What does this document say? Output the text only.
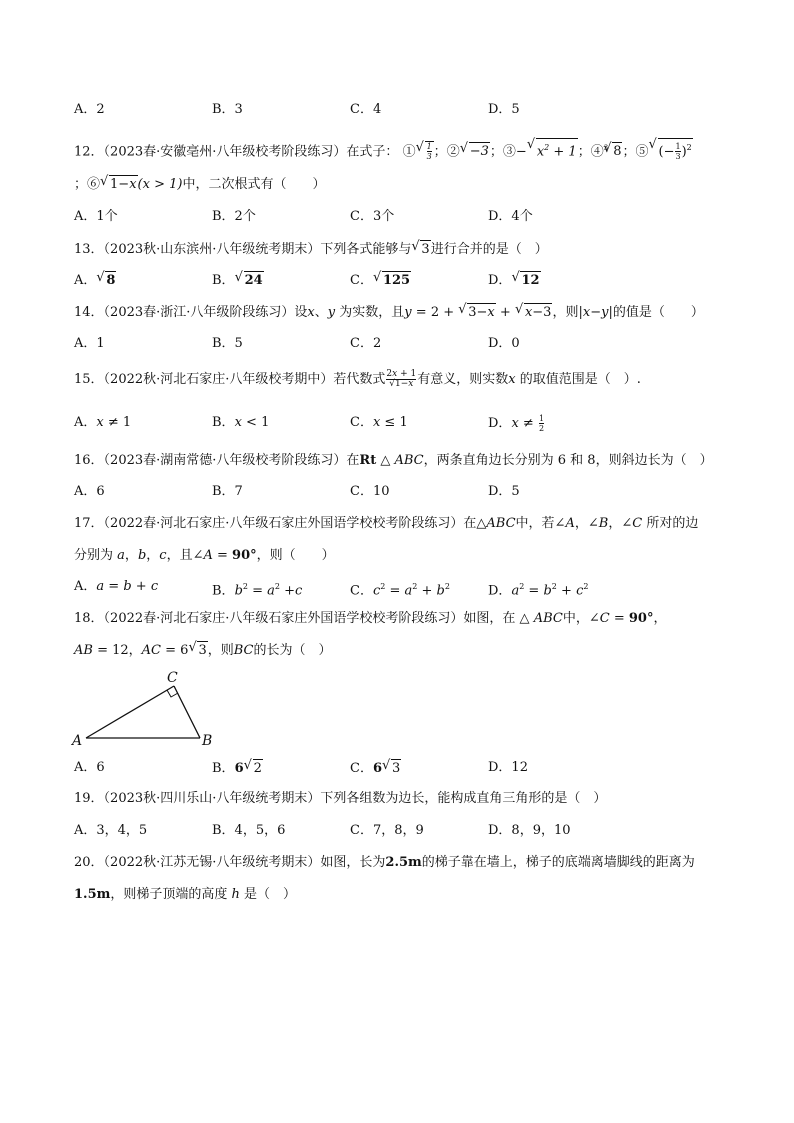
A．2	B．3	C．4	D．5
12．（2023春·安徽亳州·八年级校考阶段练习）在式子： ① √ $\frac{1}{3}$ ；② √ −3；③− √ $x^2 + 1$；④$^3$ √ 8；⑤ √ (− $\frac{1}{3} )^2$
；⑥ √ 1−x(x > 1)中，二次根式有（　　）
A．1个	B．2个	C．3个	D．4个
13．（2023秋·山东滨州·八年级统考期末）下列各式能够与 √ 3进行合并的是（　）
A． √ 8	B． √ 24	C． √ 125	D． √ 12
14．（2023春·浙江·八年级阶段练习）设x、y 为实数，且y = 2 + √ 3−x + √ x−3，则|x−y|的值是（　　）
A．1	B．5	C．2	D．0
15．（2022秋·河北石家庄·八年级校考期中）若代数式 $\frac{2x + 1}{√1-x}$ 有意义，则实数x 的取值范围是（　）.
A．x ≠ 1	B．x < 1	C．x ≤ 1	D．$x \ne \frac{1}{2}$
16．（2023春·湖南常德·八年级校考阶段练习）在Rt △ ABC，两条直角边长分别为 6 和 8，则斜边长为（　）
A．6	B．7	C．10	D．5
17．（2022春·河北石家庄·八年级石家庄外国语学校校考阶段练习）在△ABC中，若∠A，∠B，∠C 所对的边
分别为 a，b，c，且∠A = 90°，则（　　）
A．a = b + c	B．$b^2 = a^2 +c$	C．$c^2 = a^2 + b^2$	D．$a^2 = b^2 + c^2$
18．（2022春·河北石家庄·八年级石家庄外国语学校校考阶段练习）如图，在 △ ABC中，∠C = 90°，
AB = 12，AC = 6 √ 3，则BC的长为（　）
A	B
C
A．6	B．6 √ 2	C．6 √ 3	D．12
19．（2023秋·四川乐山·八年级统考期末）下列各组数为边长，能构成直角三角形的是（　）
A．3，4，5	B．4，5，6	C．7，8，9	D．8，9，10
20．（2022秋·江苏无锡·八年级统考期末）如图，长为2.5m的梯子靠在墙上，梯子的底端离墙脚线的距离为
1.5m，则梯子顶端的高度 h 是（　）
